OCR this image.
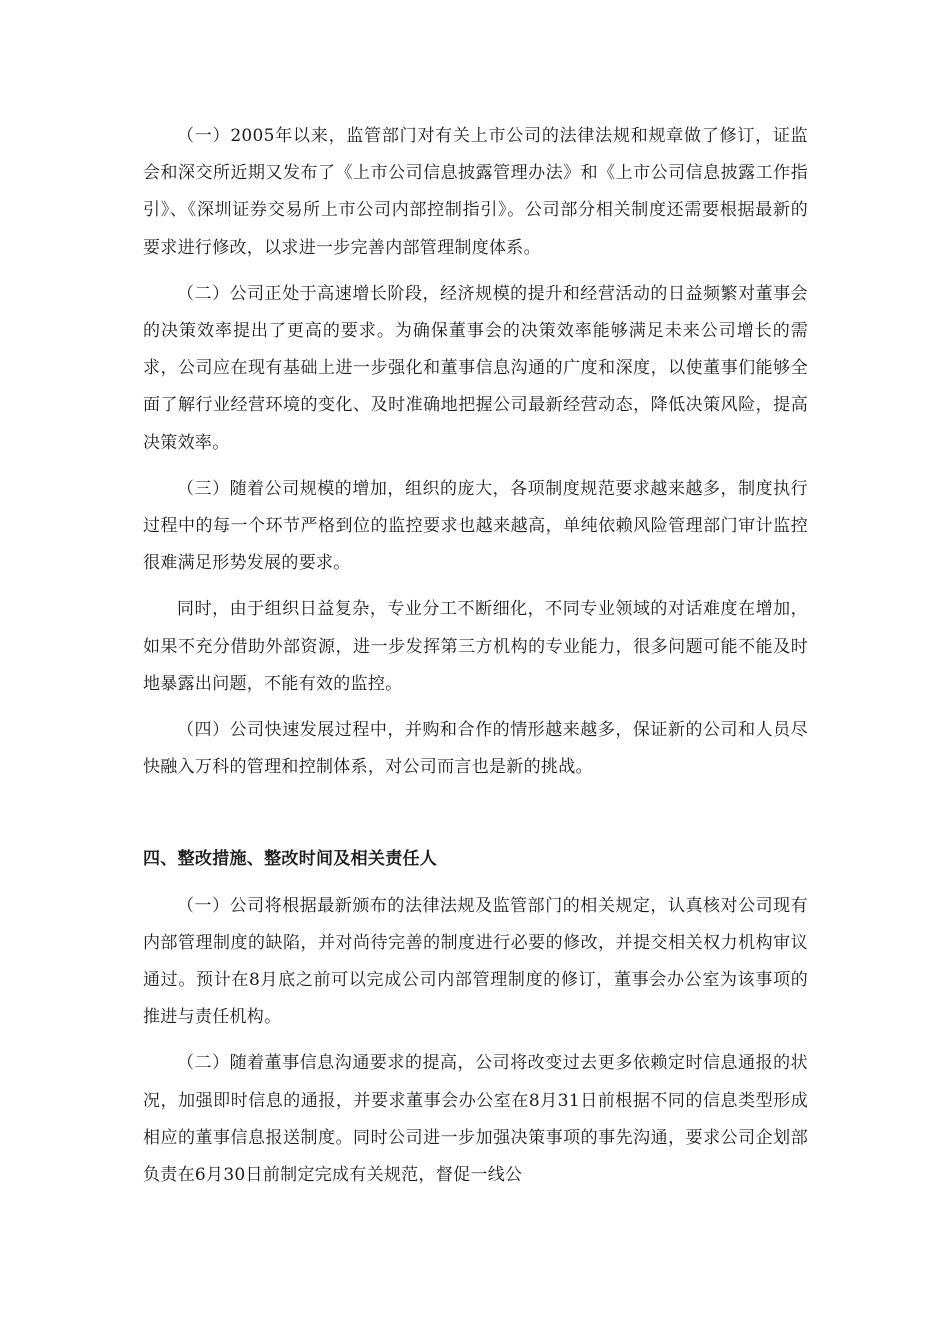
（一）2005年以来，监管部门对有关上市公司的法律法规和规章做了修订，证监会和深交所近期又发布了《上市公司信息披露管理办法》和《上市公司信息披露工作指引》、《深圳证券交易所上市公司内部控制指引》。公司部分相关制度还需要根据最新的要求进行修改，以求进一步完善内部管理制度体系。

（二）公司正处于高速增长阶段，经济规模的提升和经营活动的日益频繁对董事会的决策效率提出了更高的要求。为确保董事会的决策效率能够满足未来公司增长的需求，公司应在现有基础上进一步强化和董事信息沟通的广度和深度，以使董事们能够全面了解行业经营环境的变化、及时准确地把握公司最新经营动态，降低决策风险，提高决策效率。

（三）随着公司规模的增加，组织的庞大，各项制度规范要求越来越多，制度执行过程中的每一个环节严格到位的监控要求也越来越高，单纯依赖风险管理部门审计监控很难满足形势发展的要求。

同时，由于组织日益复杂，专业分工不断细化，不同专业领域的对话难度在增加，如果不充分借助外部资源，进一步发挥第三方机构的专业能力，很多问题可能不能及时地暴露出问题，不能有效的监控。

（四）公司快速发展过程中，并购和合作的情形越来越多，保证新的公司和人员尽快融入万科的管理和控制体系，对公司而言也是新的挑战。

四、整改措施、整改时间及相关责任人

（一）公司将根据最新颁布的法律法规及监管部门的相关规定，认真核对公司现有内部管理制度的缺陷，并对尚待完善的制度进行必要的修改，并提交相关权力机构审议通过。预计在8月底之前可以完成公司内部管理制度的修订，董事会办公室为该事项的推进与责任机构。

（二）随着董事信息沟通要求的提高，公司将改变过去更多依赖定时信息通报的状况，加强即时信息的通报，并要求董事会办公室在8月31日前根据不同的信息类型形成相应的董事信息报送制度。同时公司进一步加强决策事项的事先沟通，要求公司企划部负责在6月30日前制定完成有关规范，督促一线公
